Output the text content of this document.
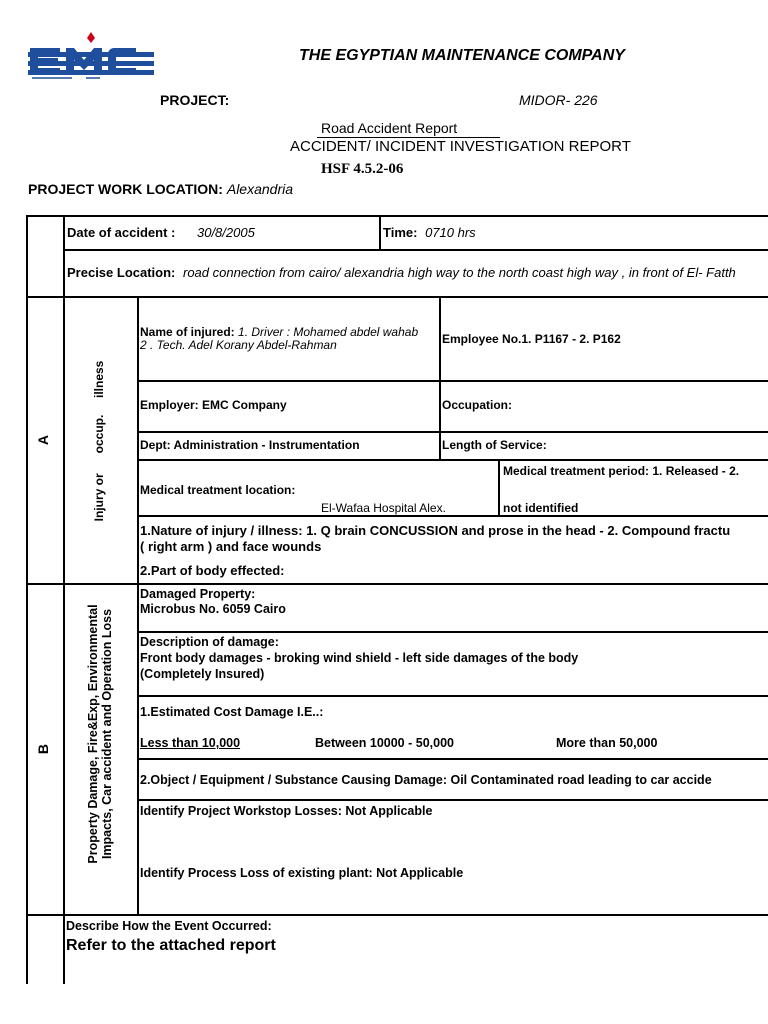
THE EGYPTIAN MAINTENANCE COMPANY
PROJECT:	MIDOR- 226
Road Accident Report
ACCIDENT/ INCIDENT INVESTIGATION REPORT
HSF 4.5.2-06
PROJECT WORK LOCATION: Alexandria
Date of accident : 30/8/2005	Time: 0710 hrs
Precise Location: road connection from cairo/ alexandria high way to the north coast high way , in front of El- Fatth
A	Injury or      occup.     illness
Name of injured: 1. Driver : Mohamed abdel wahab
2 . Tech. Adel Korany Abdel-Rahman	Employee No.1. P1167 - 2. P162
Employer: EMC Company	Occupation:
Dept: Administration - Instrumentation	Length of Service:
Medical treatment location:
El-Wafaa Hospital Alex.
Medical treatment period: 1. Released - 2.
not identified
1.Nature of injury / illness: 1. Q brain CONCUSSION and prose in the head - 2. Compound fractu
( right arm ) and face wounds
2.Part of body effected:
B	Property Damage, Fire&Exp, Environmental
Impacts, Car accident and Operation Loss
Damaged Property:
Microbus No. 6059 Cairo
Description of damage:
Front body damages - broking wind shield - left side damages of the body
(Completely Insured)
1.Estimated Cost Damage I.E..:
Less than 10,000	Between 10000 - 50,000	More than 50,000
2.Object / Equipment / Substance Causing Damage: Oil Contaminated road leading to car accide
Identify Project Workstop Losses: Not Applicable
Identify Process Loss of existing plant: Not Applicable
Describe How the Event Occurred:
Refer to the attached report
